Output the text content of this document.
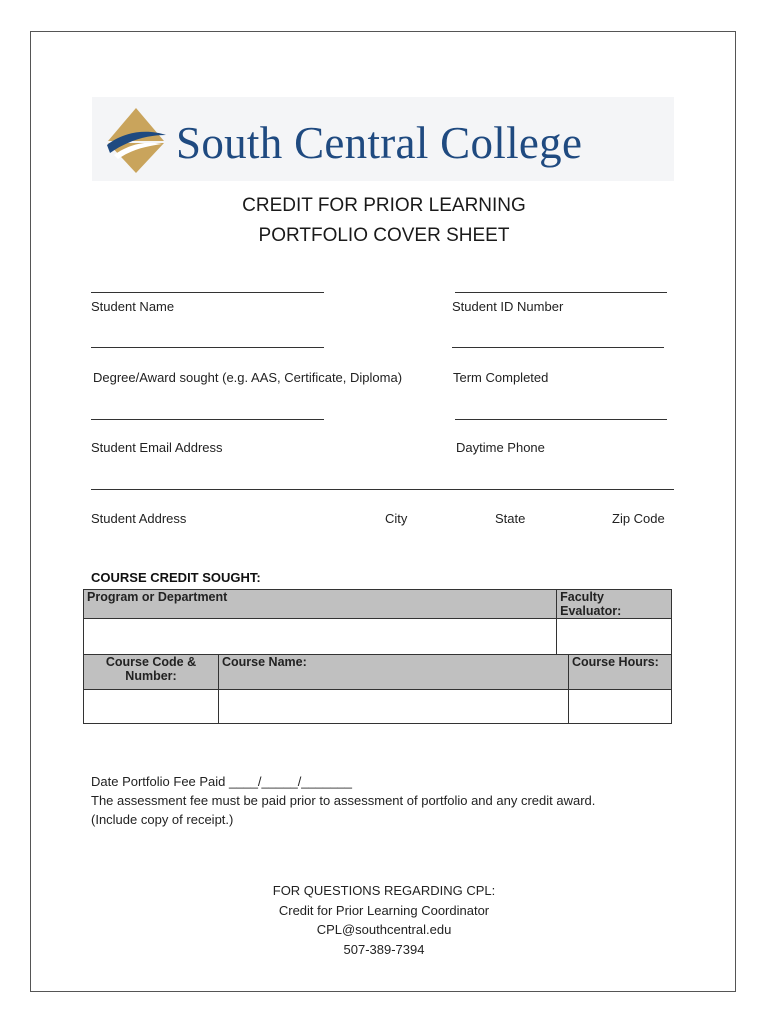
South Central College
CREDIT FOR PRIOR LEARNING
PORTFOLIO COVER SHEET
Student Name	Student ID Number
Degree/Award sought (e.g. AAS, Certificate, Diploma)	Term Completed
Student Email Address	Daytime Phone
Student Address	City	State	Zip Code
COURSE CREDIT SOUGHT:
Program or Department		Faculty Evaluator:	

Course Code & Number:	Course Name:		Course Hours:

Date Portfolio Fee Paid ____/_____/_______
The assessment fee must be paid prior to assessment of portfolio and any credit award.
(Include copy of receipt.)
FOR QUESTIONS REGARDING CPL:
Credit for Prior Learning Coordinator
CPL@southcentral.edu
507-389-7394
